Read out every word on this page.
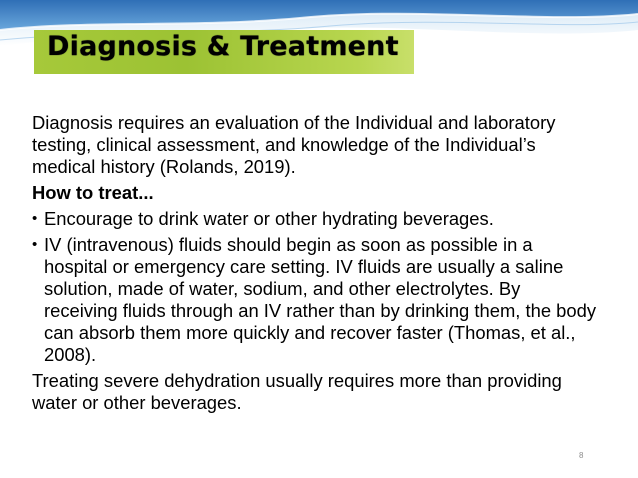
Diagnosis & Treatment

Diagnosis requires an evaluation of the Individual and laboratory testing, clinical assessment, and knowledge of the Individual’s medical history (Rolands, 2019).

How to treat...

• Encourage to drink water or other hydrating beverages.
• IV (intravenous) fluids should begin as soon as possible in a hospital or emergency care setting. IV fluids are usually a saline solution, made of water, sodium, and other electrolytes. By receiving fluids through an IV rather than by drinking them, the body can absorb them more quickly and recover faster (Thomas, et al., 2008).

Treating severe dehydration usually requires more than providing water or other beverages.

8
